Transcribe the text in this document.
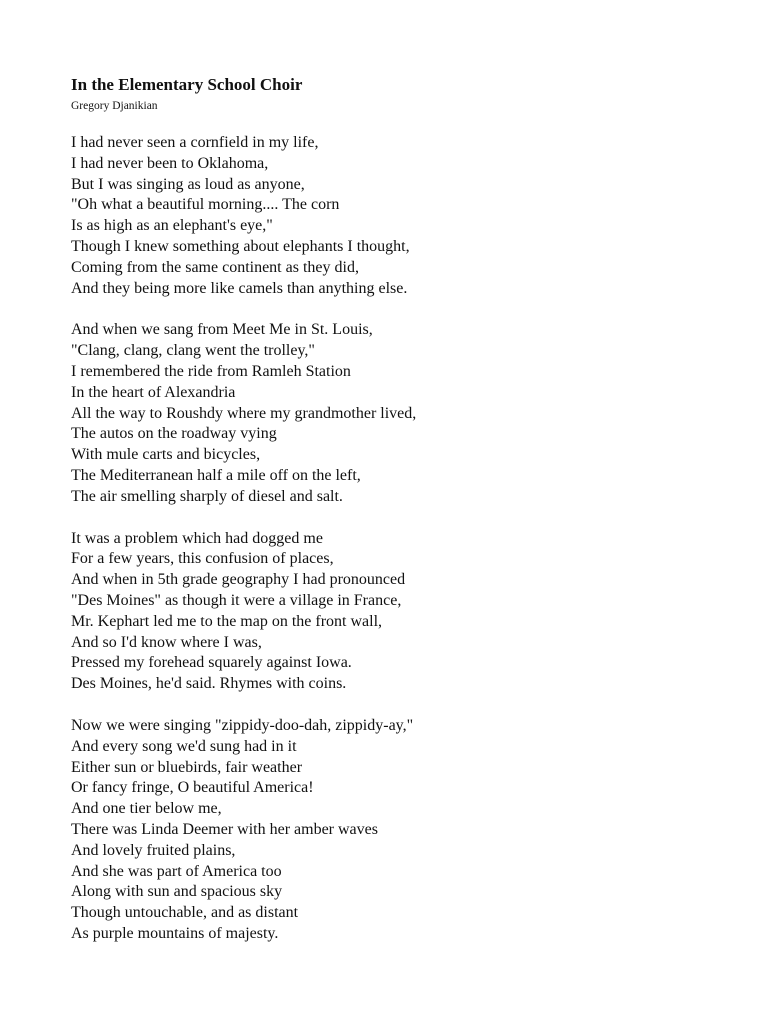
In the Elementary School Choir
Gregory Djanikian
I had never seen a cornfield in my life,
I had never been to Oklahoma,
But I was singing as loud as anyone,
"Oh what a beautiful morning.... The corn
Is as high as an elephant's eye,"
Though I knew something about elephants I thought,
Coming from the same continent as they did,
And they being more like camels than anything else.
And when we sang from Meet Me in St. Louis,
"Clang, clang, clang went the trolley,"
I remembered the ride from Ramleh Station
In the heart of Alexandria
All the way to Roushdy where my grandmother lived,
The autos on the roadway vying
With mule carts and bicycles,
The Mediterranean half a mile off on the left,
The air smelling sharply of diesel and salt.
It was a problem which had dogged me
For a few years, this confusion of places,
And when in 5th grade geography I had pronounced
"Des Moines" as though it were a village in France,
Mr. Kephart led me to the map on the front wall,
And so I'd know where I was,
Pressed my forehead squarely against Iowa.
Des Moines, he'd said. Rhymes with coins.
Now we were singing "zippidy-doo-dah, zippidy-ay,"
And every song we'd sung had in it
Either sun or bluebirds, fair weather
Or fancy fringe, O beautiful America!
And one tier below me,
There was Linda Deemer with her amber waves
And lovely fruited plains,
And she was part of America too
Along with sun and spacious sky
Though untouchable, and as distant
As purple mountains of majesty.
